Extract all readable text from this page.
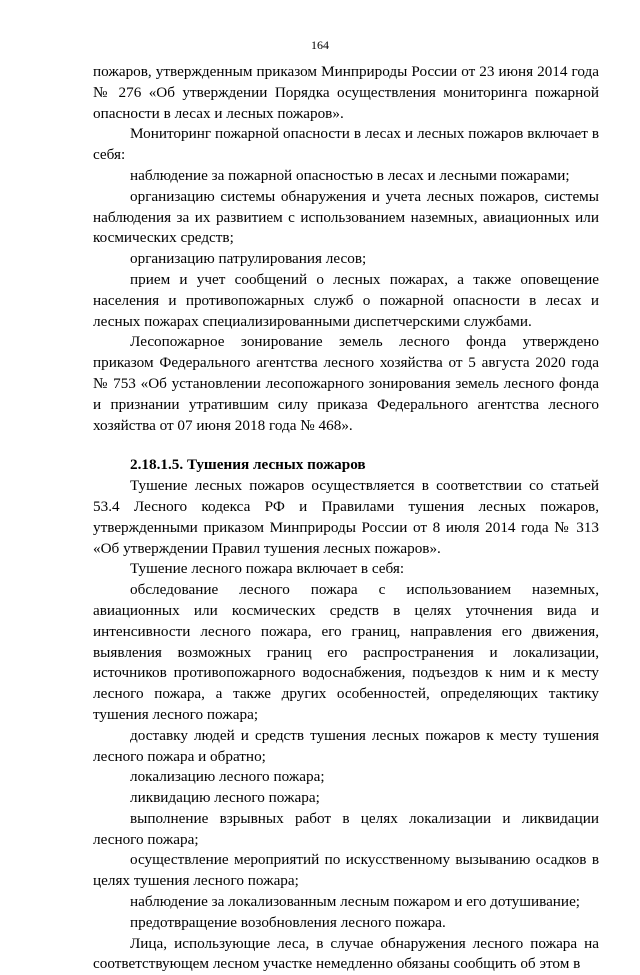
164

пожаров, утвержденным приказом Минприроды России от 23 июня 2014 года № 276 «Об утверждении Порядка осуществления мониторинга пожарной опасности в лесах и лесных пожаров».

Мониторинг пожарной опасности в лесах и лесных пожаров включает в себя:

наблюдение за пожарной опасностью в лесах и лесными пожарами;

организацию системы обнаружения и учета лесных пожаров, системы наблюдения за их развитием с использованием наземных, авиационных или космических средств;

организацию патрулирования лесов;

прием и учет сообщений о лесных пожарах, а также оповещение населения и противопожарных служб о пожарной опасности в лесах и лесных пожарах специализированными диспетчерскими службами.

Лесопожарное зонирование земель лесного фонда утверждено приказом Федерального агентства лесного хозяйства от 5 августа 2020 года № 753 «Об установлении лесопожарного зонирования земель лесного фонда и признании утратившим силу приказа Федерального агентства лесного хозяйства от 07 июня 2018 года № 468».

2.18.1.5. Тушения лесных пожаров

Тушение лесных пожаров осуществляется в соответствии со статьей 53.4 Лесного кодекса РФ и Правилами тушения лесных пожаров, утвержденными приказом Минприроды России от 8 июля 2014 года № 313 «Об утверждении Правил тушения лесных пожаров».

Тушение лесного пожара включает в себя:

обследование лесного пожара с использованием наземных, авиационных или космических средств в целях уточнения вида и интенсивности лесного пожара, его границ, направления его движения, выявления возможных границ его распространения и локализации, источников противопожарного водоснабжения, подъездов к ним и к месту лесного пожара, а также других особенностей, определяющих тактику тушения лесного пожара;

доставку людей и средств тушения лесных пожаров к месту тушения лесного пожара и обратно;

локализацию лесного пожара;

ликвидацию лесного пожара;

выполнение взрывных работ в целях локализации и ликвидации лесного пожара;

осуществление мероприятий по искусственному вызыванию осадков в целях тушения лесного пожара;

наблюдение за локализованным лесным пожаром и его дотушивание;

предотвращение возобновления лесного пожара.

Лица, использующие леса, в случае обнаружения лесного пожара на соответствующем лесном участке немедленно обязаны сообщить об этом в
